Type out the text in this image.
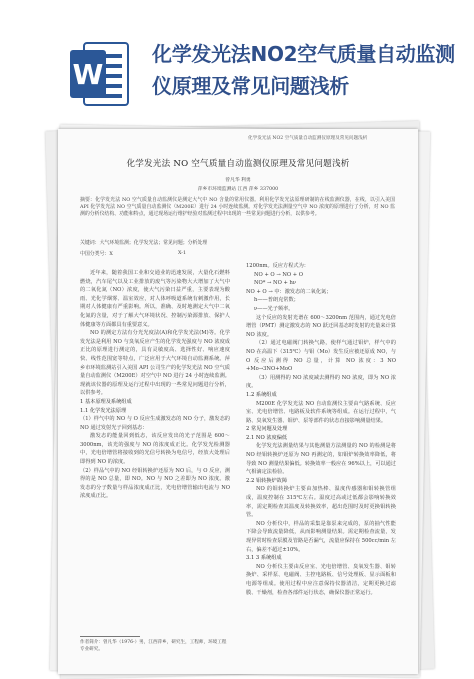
W
化学发光法NO2空气质量自动监测仪原理及常见问题浅析
化学发光法 NO2 空气质量自动监测仪原理及常见问题浅析
化学发光法 NO 空气质量自动监测仪原理及常见问题浅析
曾凡华 利勇
萍乡市环境监测站 江西 萍乡 337000
摘要：化学发光法 NO 空气质量自动监测仪是测定大气中 NO 含量的常用仪器。利用化学发光法原理研制的在线监测仪器，在线，以引入美国 API 化学发光法 NO 空气质量自动监测仪（M200E）进行 24 小时连续监测。对化学发光法测量空气中 NO 浓度的原理进行了分析，对 NO 监测的分析仪结构、功能和特点，通过现场运行维护经验对监测过程中出现的一些常见问题进行分析，以供参考。
关键词：大气环境监测；化学发光法；常见问题；分析处理
中国分类号：X	X-1

近年来，随着我国工业和交通业的迅速发展，大量化石燃料燃烧，汽车尾气以及工业排放的废气等污染物大大增加了大气中的二氧化氮（NO）浓度，使大气污染日益严重，主要表现为酸雨、光化学烟雾、温室效应，对人体呼吸道系统有刺激作用，长期对人体健康有严重影响。所以，准确、及时地测定大气中二氧化氮的含量，对于了解大气环境状况、控制污染源排放、保护人体健康等方面都具有重要意义。

NO 的测定方法有分光光度法(A)和化学发光法(M)等。化学发光法是利用 NO 与臭氧反应产生的化学发光强度与 NO 浓度成正比的原理进行测定的，具有灵敏度高、选择性好、响应速度快、线性范围宽等特点，广泛应用于大气环境自动监测系统。萍乡市环境监测站引入美国 API 公司生产的化学发光法 NO 空气质量自动监测仪（M200E）对空气中 NO 进行 24 小时连续监测。现就该仪器的原理及运行过程中出现的一些常见问题进行分析，以供参考。

1 基本原理及系统组成

1.1 化学发光法原理

（1）样气中的 NO 与 O 反应生成激发态的 NO 分子，激发态的 NO 通过发射光子回到基态：

激发态的能量回到低态，该反应发出的光子范围是 600～3000nm，该光的强度与 NO 的浓度成正比。化学发光检测器中，光电倍增管将接收到的光信号转换为电信号，经放大处理后即得到 NO 的浓度。

（2）样品气中的 NO 经钼转换炉还原为 NO 后，与 O 反应，测得的是 NO 总量，即 NO。NO 与 NO 之差即为 NO 浓度。激发态的分子数量与样品浓度成正比，光电倍增管输出电流与 NO 浓度成正比。

1200nm。反应方程式为：

NO + O → NO + O

NO* → NO + hν

NO + O → 中：激发态的二氧化氮；

h——普朗克常数；

ν——光子频率。

这个反应的发射光谱在 600～3200nm 范围内，通过光电倍增管（PMT）测定激发态的 NO 跃迁回基态时发射的光量来计算 NO 浓度。

（2）通过电磁阀门转换气路，使样气通过钼炉，样气中的 NO 在高温下（315℃）与钼（Mo）发生反应被还原成 NO，与 O 反应后测得 NO 总量，计算 NO 浓度：3 NO +Mo→3NO+MoO

（3）用测得的 NO 浓度减去测得的 NO 浓度，即为 NO 浓度。

1.2 系统组成

M200E 化学发光法 NO 自动监测仪主要由气路系统、反应室、光电倍增管、电路板及软件系统等组成。在运行过程中，气路、臭氧发生器、钼炉、泵等部件的状态直接影响测量结果。

2 常见问题及处理

2.1 NO 浓度偏低

化学发光法测量结果与其他测量方法测量的 NO 的检测是将 NO 经钼转换炉还原为 NO 再测定的，如钼炉转换效率降低，将导致 NO 测量结果偏低。转换效率一般应在 96%以上，可以通过气相滴定法检验。

2.2 钼转换炉故障

NO 的钼转换炉主要由加热棒、温度传感器和钼转换管组成，温度控制在 315℃左右。温度过高或过低都会影响转换效率，需定期检查其温度及转换效率，超出范围时及时更换钼转换管。

NO 分析仪中，样品的采集是靠泵来完成的，泵的抽气性能下降会导致流量降低，从而影响测量结果。需定期检查流量，发现异常时检查泵膜及管路是否漏气，流量应保持在 500cc/min 左右，偏差不超过±10%。

3.1 3 系统组成

NO 分析仪主要由反应室、光电倍增管、臭氧发生器、钼转换炉、采样泵、电磁阀、主控电路板、信号处理板、显示面板和电源等组成。使用过程中应注意保持仪器清洁，定期更换过滤膜、干燥剂，检查各部件运行状态，确保仪器正常运行。

作者简介：曾凡华（1976-）男，江西萍乡，研究生，工程师，环境工程专业研究。
